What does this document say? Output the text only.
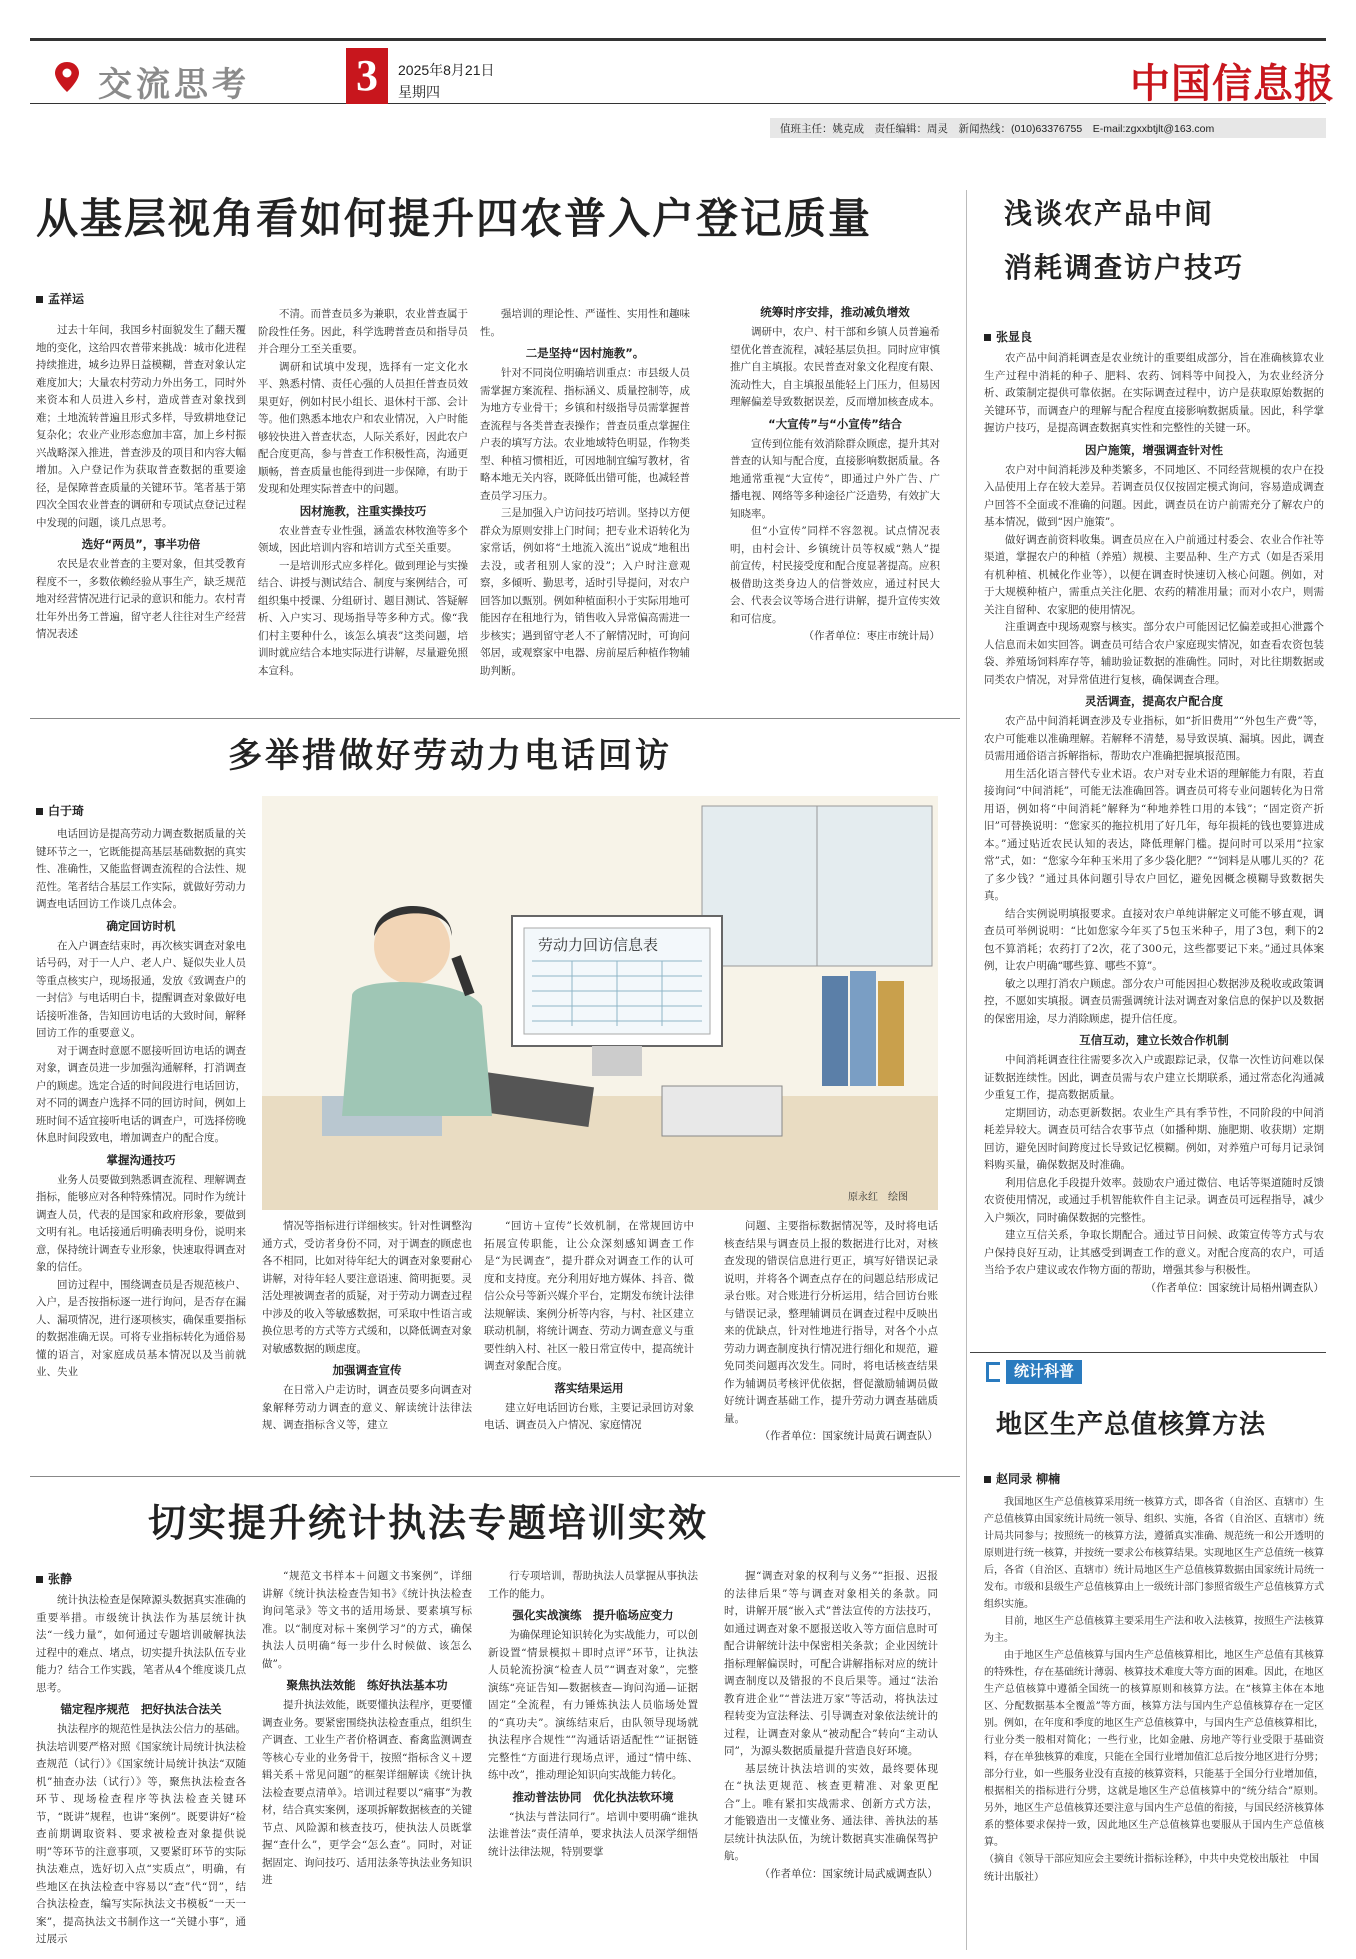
交流思考 3	2025年8月21日
星期四	中国信息报
值班主任：姚克成　责任编辑：周灵　新闻热线：(010)63376755　E-mail:zgxxbtjlt@163.com
从基层视角看如何提升四农普入户登记质量
孟祥运

过去十年间，我国乡村面貌发生了翻天覆地的变化，这给四农普带来挑战：城市化进程持续推进，城乡边界日益模糊，普查对象认定难度加大；大量农村劳动力外出务工，同时外来资本和人员进入乡村，造成普查对象找到难；土地流转普遍且形式多样，导致耕地登记复杂化；农业产业形态愈加丰富，加上乡村振兴战略深入推进，普查涉及的项目和内容大幅增加。入户登记作为获取普查数据的重要途径，是保障普查质量的关键环节。笔者基于第四次全国农业普查的调研和专项试点登记过程中发现的问题，谈几点思考。

选好“两员”，事半功倍

农民是农业普查的主要对象，但其受教育程度不一，多数依赖经验从事生产，缺乏规范地对经营情况进行记录的意识和能力。农村青壮年外出务工普遍，留守老人往往对生产经营情况表述

不清。而普查员多为兼职，农业普查属于阶段性任务。因此，科学选聘普查员和指导员并合理分工至关重要。

调研和试填中发现，选择有一定文化水平、熟悉村情、责任心强的人员担任普查员效果更好，例如村民小组长、退休村干部、会计等。他们熟悉本地农户和农业情况，入户时能够较快进入普查状态，人际关系好，因此农户配合度更高，参与普查工作积极性高，沟通更顺畅，普查质量也能得到进一步保障，有助于发现和处理实际普查中的问题。

因材施教，注重实操技巧

农业普查专业性强，涵盖农林牧渔等多个领域，因此培训内容和培训方式至关重要。

一是培训形式应多样化。做到理论与实操结合、讲授与测试结合、制度与案例结合，可组织集中授课、分组研讨、题目测试、答疑解析、入户实习、现场指导等多种方式。像“我们村主要种什么，该怎么填表”这类问题，培训时就应结合本地实际进行讲解，尽量避免照本宣科。

强培训的理论性、严谨性、实用性和趣味性。

二是坚持“因村施教”。

针对不同岗位明确培训重点：市县级人员需掌握方案流程、指标涵义、质量控制等，成为地方专业骨干；乡镇和村级指导员需掌握普查流程与各类普查表操作；普查员重点掌握住户表的填写方法。农业地域特色明显，作物类型、种植习惯相近，可因地制宜编写教材，省略本地无关内容，既降低出错可能，也减轻普查员学习压力。

三是加强入户访问技巧培训。坚持以方便群众为原则安排上门时间；把专业术语转化为家常话，例如将“土地流入流出”说成“地租出去没，或者租别人家的没”；入户时注意观察，多倾听、勤思考，适时引导提问，对农户回答加以甄别。例如种植面积小于实际用地可能因存在租地行为，销售收入异常偏高需进一步核实；遇到留守老人不了解情况时，可询问邻居，或观察家中电器、房前屋后种植作物辅助判断。

统筹时序安排，推动减负增效

调研中，农户、村干部和乡镇人员普遍希望优化普查流程，减轻基层负担。同时应审慎推广自主填报。农民普查对象文化程度有限、流动性大，自主填报虽能轻上门压力，但易因理解偏差导致数据误差，反而增加核查成本。

“大宣传”与“小宣传”结合

宣传到位能有效消除群众顾虑，提升其对普查的认知与配合度，直接影响数据质量。各地通常重视“大宣传”，即通过户外广告、广播电视、网络等多种途径广泛造势，有效扩大知晓率。

但“小宣传”同样不容忽视。试点情况表明，由村会计、乡镇统计员等权威“熟人”提前宣传，村民接受度和配合度显著提高。应积极借助这类身边人的信誉效应，通过村民大会、代表会议等场合进行讲解，提升宣传实效和可信度。

（作者单位：枣庄市统计局）
多举措做好劳动力电话回访
白于琦

电话回访是提高劳动力调查数据质量的关键环节之一，它既能提高基层基础数据的真实性、准确性，又能监督调查流程的合法性、规范性。笔者结合基层工作实际，就做好劳动力调查电话回访工作谈几点体会。

确定回访时机

在入户调查结束时，再次核实调查对象电话号码，对于一人户、老人户、疑似失业人员等重点核实户，现场报通，发放《致调查户的一封信》与电话明白卡，提醒调查对象做好电话接听准备，告知回访电话的大致时间，解释回访工作的重要意义。

对于调查时意愿不愿接听回访电话的调查对象，调查员进一步加强沟通解释，打消调查户的顾虑。选定合适的时间段进行电话回访，对不同的调查户选择不同的回访时间，例如上班时间不适宜接听电话的调查户，可选择傍晚休息时间段致电，增加调查户的配合度。

掌握沟通技巧

业务人员要做到熟悉调查流程、理解调查指标，能够应对各种特殊情况。同时作为统计调查人员，代表的是国家和政府形象，要做到文明有礼。电话接通后明确表明身份，说明来意，保持统计调查专业形象，快速取得调查对象的信任。

回访过程中，围绕调查员是否规范核户、入户，是否按指标逐一进行询问，是否存在漏人、漏项情况，进行逐项核实，确保重要指标的数据准确无误。可将专业指标转化为通俗易懂的语言，对家庭成员基本情况以及当前就业、失业

劳动力回访信息表
原永红　绘图

情况等指标进行详细核实。针对性调整沟通方式，受访者身份不同，对于调查的顾虑也各不相同，比如对待年纪大的调查对象要耐心讲解，对待年轻人要注意语速、简明扼要。灵活处理被调查者的质疑，对于劳动力调查过程中涉及的收入等敏感数据，可采取中性语言或换位思考的方式等方式缓和，以降低调查对象对敏感数据的顾虑度。

加强调查宣传

在日常入户走访时，调查员要多向调查对象解释劳动力调查的意义、解读统计法律法规、调查指标含义等，建立

“回访＋宣传”长效机制，在常规回访中拓展宣传职能，让公众深刻感知调查工作是“为民调查”，提升群众对调查工作的认可度和支持度。充分利用好地方媒体、抖音、微信公众号等新兴媒介平台，定期发布统计法律法规解读、案例分析等内容，与村、社区建立联动机制，将统计调查、劳动力调查意义与重要性纳入村、社区一般日常宣传中，提高统计调查对象配合度。

落实结果运用

建立好电话回访台账，主要记录回访对象电话、调查员入户情况、家庭情况

问题、主要指标数据情况等，及时将电话核查结果与调查员上报的数据进行比对，对核查发现的错误信息进行更正，填写好错误记录说明，并将各个调查点存在的问题总结形成记录台账。对合账进行分析运用，结合回访台账与错误记录，整理辅调员在调查过程中反映出来的优缺点，针对性地进行指导，对各个小点劳动力调查制度执行情况进行细化和规范，避免同类问题再次发生。同时，将电话核查结果作为辅调员考核评优依据，督促激励辅调员做好统计调查基础工作，提升劳动力调查基础质量。

（作者单位：国家统计局黄石调查队）
切实提升统计执法专题培训实效
张静

统计执法检查是保障源头数据真实准确的重要举措。市级统计执法作为基层统计执法“一线力量”，如何通过专题培训破解执法过程中的难点、堵点，切实提升执法队伍专业能力？结合工作实践，笔者从4个维度谈几点思考。

锚定程序规范　把好执法合法关

执法程序的规范性是执法公信力的基础。执法培训要严格对照《国家统计局统计执法检查规范（试行）》《国家统计局统计执法“双随机”抽查办法（试行）》等，聚焦执法检查各环节、现场检查程序等执法检查关键环节，“既讲”规程，也讲“案例”。既要讲好“检查前期调取资料、要求被检查对象提供说明”等环节的注意事项，又要紧盯环节的实际执法难点，选好切入点“实质点”，明确，有些地区在执法检查中容易以“查”代“罚”，结合执法检查，编写实际执法文书模板“一天一案”，提高执法文书制作这一“关键小事”，通过展示

“规范文书样本＋问题文书案例”，详细讲解《统计执法检查告知书》《统计执法检查询问笔录》等文书的适用场景、要素填写标准。以“制度对标＋案例学习”的方式，确保执法人员明确“每一步什么时候做、该怎么做”。

聚焦执法效能　练好执法基本功

提升执法效能，既要懂执法程序，更要懂调查业务。要紧密围绕执法检查重点，组织生产调查、工业生产者价格调查、畜禽监测调查等核心专业的业务骨干，按照“指标含义＋逻辑关系＋常见问题”的框架详细解读《统计执法检查要点清单》。培训过程要以“痛事”为教材，结合真实案例，逐项拆解数据核查的关键节点、风险源和核查技巧，使执法人员既掌握“查什么”，更学会“怎么查”。同时，对证据固定、询问技巧、适用法条等执法业务知识进

行专项培训，帮助执法人员掌握从事执法工作的能力。

强化实战演练　提升临场应变力

为确保理论知识转化为实战能力，可以创新设置“情景模拟＋即时点评”环节，让执法人员轮流扮演“检查人员”“调查对象”，完整演练“亮证告知—数据核查—询问沟通—证据固定”全流程，有力锤炼执法人员临场处置的“真功夫”。演练结束后，由队领导现场就执法程序合规性“”沟通话语适配性“”证据链完整性“方面进行现场点评，通过“情中练、练中改”，推动理论知识向实战能力转化。

推动普法协同　优化执法软环境

“执法与普法同行”。培训中要明确“谁执法谁普法”责任清单，要求执法人员深学细悟统计法律法规，特别要掌

握“调查对象的权利与义务”“拒报、迟报的法律后果”等与调查对象相关的条款。同时，讲解开展“嵌入式”普法宣传的方法技巧，如通过调查对象不愿报送收入等方面信息时可配合讲解统计法中保密相关条款；企业因统计指标理解偏误时，可配合讲解指标对应的统计调查制度以及错报的不良后果等。通过“法治教育进企业”“普法进万家”等活动，将执法过程转变为宣法释法、引导调查对象依法统计的过程，让调查对象从“被动配合”转向“主动认同”，为源头数据质量提升营造良好环境。

基层统计执法培训的实效，最终要体现在“执法更规范、核查更精准、对象更配合”上。唯有紧扣实战需求、创新方式方法，才能锻造出一支懂业务、通法律、善执法的基层统计执法队伍，为统计数据真实准确保驾护航。

（作者单位：国家统计局武威调查队）
浅谈农产品中间
消耗调查访户技巧
张显良

农产品中间消耗调查是农业统计的重要组成部分，旨在准确核算农业生产过程中消耗的种子、肥料、农药、饲料等中间投入，为农业经济分析、政策制定提供可靠依据。在实际调查过程中，访户是获取原始数据的关键环节，而调查户的理解与配合程度直接影响数据质量。因此，科学掌握访户技巧，是提高调查数据真实性和完整性的关键一环。

因户施策，增强调查针对性

农户对中间消耗涉及种类繁多，不同地区、不同经营规模的农户在投入品使用上存在较大差异。若调查员仅仅按固定模式询问，容易造成调查户回答不全面或不准确的问题。因此，调查员在访户前需充分了解农户的基本情况，做到“因户施策”。

做好调查前资料收集。调查员应在入户前通过村委会、农业合作社等渠道，掌握农户的种植（养殖）规模、主要品种、生产方式（如是否采用有机种植、机械化作业等），以便在调查时快速切入核心问题。例如，对于大规模种植户，需重点关注化肥、农药的精准用量；而对小农户，则需关注自留种、农家肥的使用情况。

注重调查中现场观察与核实。部分农户可能因记忆偏差或担心泄露个人信息而未如实回答。调查员可结合农户家庭现实情况，如查看农资包装袋、养殖场饲料库存等，辅助验证数据的准确性。同时，对比往期数据或同类农户情况，对异常值进行复核，确保调查合理。

灵活调查，提高农户配合度

农产品中间消耗调查涉及专业指标，如“折旧费用”“外包生产费”等，农户可能难以准确理解。若解释不清楚，易导致误填、漏填。因此，调查员需用通俗语言拆解指标，帮助农户准确把握填报范围。

用生活化语言替代专业术语。农户对专业术语的理解能力有限，若直接询问“中间消耗”，可能无法准确回答。调查员可将专业问题转化为日常用语，例如将“中间消耗”解释为“种地养牲口用的本钱”；“固定资产折旧”可替换说明：“您家买的拖拉机用了好几年，每年损耗的钱也要算进成本。”通过贴近农民认知的表达，降低理解门槛。提问时可以采用“拉家常”式，如：“您家今年种玉米用了多少袋化肥？”“饲料是从哪儿买的？花了多少钱？”通过具体问题引导农户回忆，避免因概念模糊导致数据失真。

结合实例说明填报要求。直接对农户单纯讲解定义可能不够直观，调查员可举例说明：“比如您家今年买了5包玉米种子，用了3包，剩下的2包不算消耗；农药打了2次，花了300元，这些都要记下来。”通过具体案例，让农户明确“哪些算、哪些不算”。

敏之以理打消农户顾虑。部分农户可能因担心数据涉及税收或政策调控，不愿如实填报。调查员需强调统计法对调查对象信息的保护以及数据的保密用途，尽力消除顾虑，提升信任度。

互信互动，建立长效合作机制

中间消耗调查往往需要多次入户或跟踪记录，仅靠一次性访问难以保证数据连续性。因此，调查员需与农户建立长期联系，通过常态化沟通减少重复工作，提高数据质量。

定期回访，动态更新数据。农业生产具有季节性，不同阶段的中间消耗差异较大。调查员可结合农事节点（如播种期、施肥期、收获期）定期回访，避免因时间跨度过长导致记忆模糊。例如，对养殖户可每月记录饲料购买量，确保数据及时准确。

利用信息化手段提升效率。鼓励农户通过微信、电话等渠道随时反馈农资使用情况，或通过手机智能软件自主记录。调查员可远程指导，减少入户频次，同时确保数据的完整性。

建立互信关系，争取长期配合。通过节日问候、政策宣传等方式与农户保持良好互动，让其感受到调查工作的意义。对配合度高的农户，可适当给予农户建议或农作物方面的帮助，增强其参与积极性。

（作者单位：国家统计局梧州调查队）
统计科普
地区生产总值核算方法
赵同录 柳楠

我国地区生产总值核算采用统一核算方式，即各省（自治区、直辖市）生产总值核算由国家统计局统一领导、组织、实施，各省（自治区、直辖市）统计局共同参与；按照统一的核算方法，遵循真实准确、规范统一和公开透明的原则进行统一核算，并按统一要求公布核算结果。实现地区生产总值统一核算后，各省（自治区、直辖市）统计局地区生产总值核算数据由国家统计局统一发布。市级和县级生产总值核算由上一级统计部门参照省级生产总值核算方式组织实施。

目前，地区生产总值核算主要采用生产法和收入法核算，按照生产法核算为主。

由于地区生产总值核算与国内生产总值核算相比，地区生产总值有其核算的特殊性，存在基础统计薄弱、核算技术难度大等方面的困难。因此，在地区生产总值核算中遵循全国统一的核算原则和核算方法。在“核算主体在本地区、分配数据基本全覆盖”等方面，核算方法与国内生产总值核算存在一定区别。例如，在年度和季度的地区生产总值核算中，与国内生产总值核算相比，行业分类一般相对简化；一些行业，比如金融、房地产等行业受限于基础资料，存在单独核算的难度，只能在全国行业增加值汇总后按分地区进行分劈；部分行业，如一些服务业没有直接的核算资料，只能基于全国分行业增加值，根据相关的指标进行分劈，这就是地区生产总值核算中的“统分结合”原则。另外，地区生产总值核算还要注意与国内生产总值的衔接，与国民经济核算体系的整体要求保持一致，因此地区生产总值核算也要服从于国内生产总值核算。

（摘自《领导干部应知应会主要统计指标诠释》，中共中央党校出版社　中国统计出版社）
